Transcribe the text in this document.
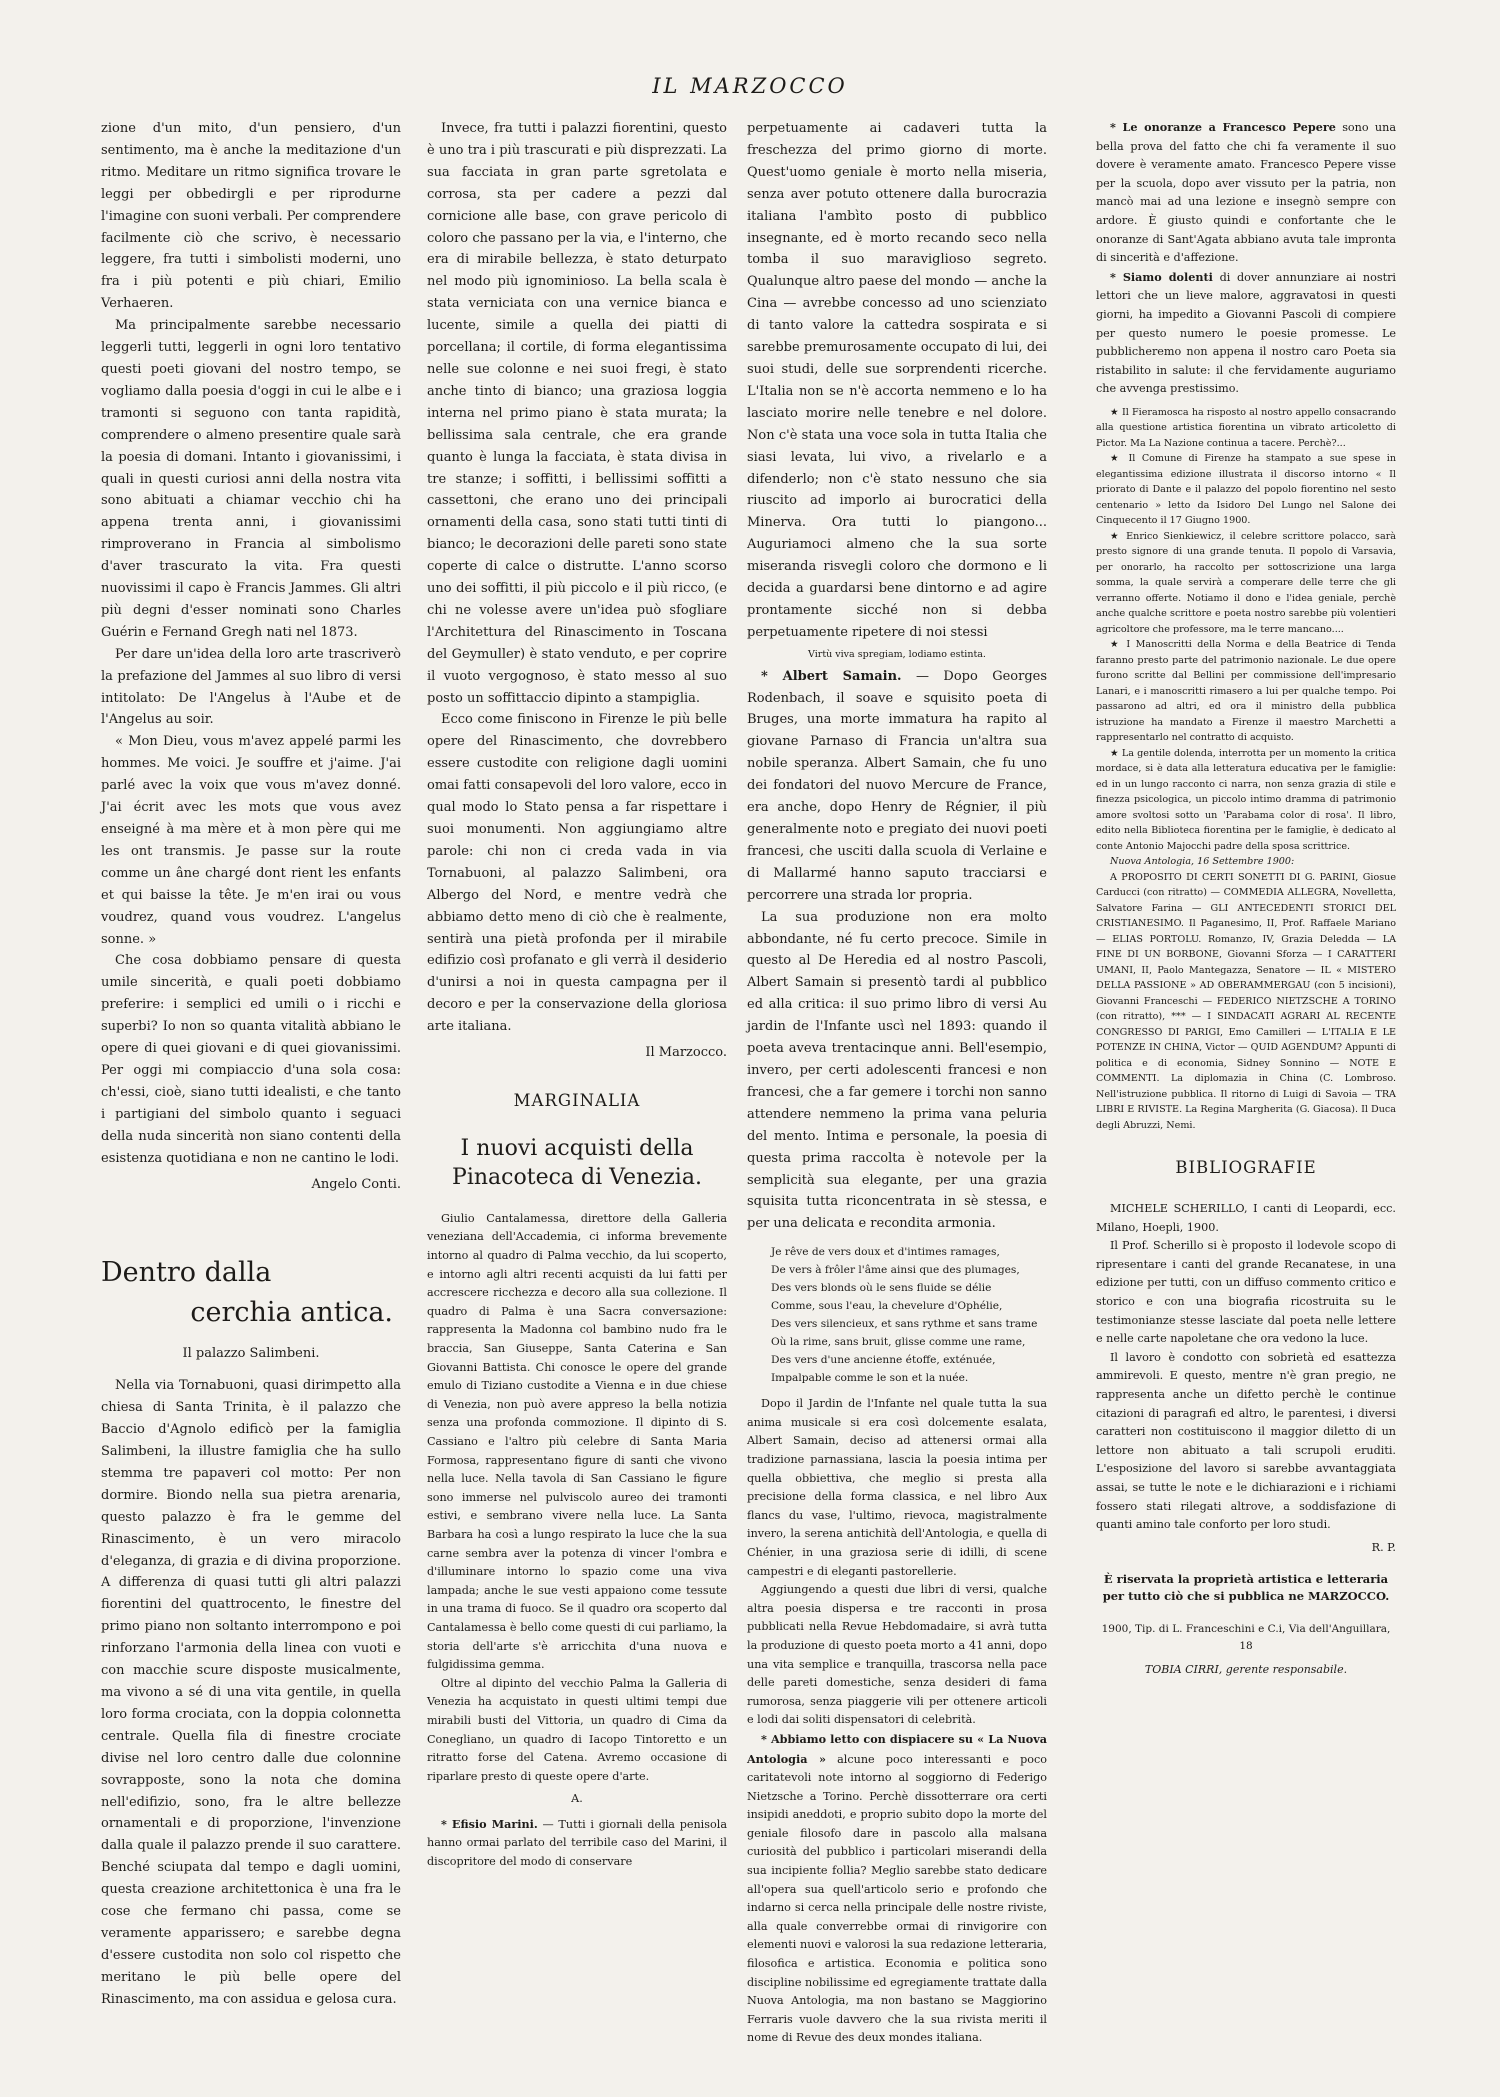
IL MARZOCCO

zione d'un mito, d'un pensiero, d'un sentimento, ma è anche la meditazione d'un ritmo. Meditare un ritmo significa trovare le leggi per obbedirgli e per riprodurne l'imagine con suoni verbali. Per comprendere facilmente ciò che scrivo, è necessario leggere, fra tutti i simbolisti moderni, uno fra i più potenti e più chiari, Emilio Verhaeren.

Ma principalmente sarebbe necessario leggerli tutti, leggerli in ogni loro tentativo questi poeti giovani del nostro tempo, se vogliamo dalla poesia d'oggi in cui le albe e i tramonti si seguono con tanta rapidità, comprendere o almeno presentire quale sarà la poesia di domani. Intanto i giovanissimi, i quali in questi curiosi anni della nostra vita sono abituati a chiamar vecchio chi ha appena trenta anni, i giovanissimi rimproverano in Francia al simbolismo d'aver trascurato la vita. Fra questi nuovissimi il capo è Francis Jammes. Gli altri più degni d'esser nominati sono Charles Guérin e Fernand Gregh nati nel 1873.

Per dare un'idea della loro arte trascriverò la prefazione del Jammes al suo libro di versi intitolato: De l'Angelus à l'Aube et de l'Angelus au soir.

« Mon Dieu, vous m'avez appelé parmi les hommes. Me voici. Je souffre et j'aime. J'ai parlé avec la voix que vous m'avez donné. J'ai écrit avec les mots que vous avez enseigné à ma mère et à mon père qui me les ont transmis. Je passe sur la route comme un âne chargé dont rient les enfants et qui baisse la tête. Je m'en irai ou vous voudrez, quand vous voudrez. L'angelus sonne. »

Che cosa dobbiamo pensare di questa umile sincerità, e quali poeti dobbiamo preferire: i semplici ed umili o i ricchi e superbi? Io non so quanta vitalità abbiano le opere di quei giovani e di quei giovanissimi. Per oggi mi compiaccio d'una sola cosa: ch'essi, cioè, siano tutti idealisti, e che tanto i partigiani del simbolo quanto i seguaci della nuda sincerità non siano contenti della esistenza quotidiana e non ne cantino le lodi.

Angelo Conti.
Dentro dalla
cerchia antica.
Il palazzo Salimbeni.

Nella via Tornabuoni, quasi dirimpetto alla chiesa di Santa Trinita, è il palazzo che Baccio d'Agnolo edificò per la famiglia Salimbeni, la illustre famiglia che ha sullo stemma tre papaveri col motto: Per non dormire. Biondo nella sua pietra arenaria, questo palazzo è fra le gemme del Rinascimento, è un vero miracolo d'eleganza, di grazia e di divina proporzione. A differenza di quasi tutti gli altri palazzi fiorentini del quattrocento, le finestre del primo piano non soltanto interrompono e poi rinforzano l'armonia della linea con vuoti e con macchie scure disposte musicalmente, ma vivono a sé di una vita gentile, in quella loro forma crociata, con la doppia colonnetta centrale. Quella fila di finestre crociate divise nel loro centro dalle due colonnine sovrapposte, sono la nota che domina nell'edifizio, sono, fra le altre bellezze ornamentali e di proporzione, l'invenzione dalla quale il palazzo prende il suo carattere. Benché sciupata dal tempo e dagli uomini, questa creazione architettonica è una fra le cose che fermano chi passa, come se veramente apparissero; e sarebbe degna d'essere custodita non solo col rispetto che meritano le più belle opere del Rinascimento, ma con assidua e gelosa cura.

Invece, fra tutti i palazzi fiorentini, questo è uno tra i più trascurati e più disprezzati. La sua facciata in gran parte sgretolata e corrosa, sta per cadere a pezzi dal cornicione alle base, con grave pericolo di coloro che passano per la via, e l'interno, che era di mirabile bellezza, è stato deturpato nel modo più ignominioso. La bella scala è stata verniciata con una vernice bianca e lucente, simile a quella dei piatti di porcellana; il cortile, di forma elegantissima nelle sue colonne e nei suoi fregi, è stato anche tinto di bianco; una graziosa loggia interna nel primo piano è stata murata; la bellissima sala centrale, che era grande quanto è lunga la facciata, è stata divisa in tre stanze; i soffitti, i bellissimi soffitti a cassettoni, che erano uno dei principali ornamenti della casa, sono stati tutti tinti di bianco; le decorazioni delle pareti sono state coperte di calce o distrutte. L'anno scorso uno dei soffitti, il più piccolo e il più ricco, (e chi ne volesse avere un'idea può sfogliare l'Architettura del Rinascimento in Toscana del Geymuller) è stato venduto, e per coprire il vuoto vergognoso, è stato messo al suo posto un soffittaccio dipinto a stampiglia.

Ecco come finiscono in Firenze le più belle opere del Rinascimento, che dovrebbero essere custodite con religione dagli uomini omai fatti consapevoli del loro valore, ecco in qual modo lo Stato pensa a far rispettare i suoi monumenti. Non aggiungiamo altre parole: chi non ci creda vada in via Tornabuoni, al palazzo Salimbeni, ora Albergo del Nord, e mentre vedrà che abbiamo detto meno di ciò che è realmente, sentirà una pietà profonda per il mirabile edifizio così profanato e gli verrà il desiderio d'unirsi a noi in questa campagna per il decoro e per la conservazione della gloriosa arte italiana.

Il Marzocco.
MARGINALIA
I nuovi acquisti della Pinacoteca di Venezia.

Giulio Cantalamessa, direttore della Galleria veneziana dell'Accademia, ci informa brevemente intorno al quadro di Palma vecchio, da lui scoperto, e intorno agli altri recenti acquisti da lui fatti per accrescere ricchezza e decoro alla sua collezione. Il quadro di Palma è una Sacra conversazione: rappresenta la Madonna col bambino nudo fra le braccia, San Giuseppe, Santa Caterina e San Giovanni Battista. Chi conosce le opere del grande emulo di Tiziano custodite a Vienna e in due chiese di Venezia, non può avere appreso la bella notizia senza una profonda commozione. Il dipinto di S. Cassiano e l'altro più celebre di Santa Maria Formosa, rappresentano figure di santi che vivono nella luce. Nella tavola di San Cassiano le figure sono immerse nel pulviscolo aureo dei tramonti estivi, e sembrano vivere nella luce. La Santa Barbara ha così a lungo respirato la luce che la sua carne sembra aver la potenza di vincer l'ombra e d'illuminare intorno lo spazio come una viva lampada; anche le sue vesti appaiono come tessute in una trama di fuoco. Se il quadro ora scoperto dal Cantalamessa è bello come questi di cui parliamo, la storia dell'arte s'è arricchita d'una nuova e fulgidissima gemma.

Oltre al dipinto del vecchio Palma la Galleria di Venezia ha acquistato in questi ultimi tempi due mirabili busti del Vittoria, un quadro di Cima da Conegliano, un quadro di Iacopo Tintoretto e un ritratto forse del Catena. Avremo occasione di riparlare presto di queste opere d'arte.

A.

* Efisio Marini. — Tutti i giornali della penisola hanno ormai parlato del terribile caso del Marini, il discopritore del modo di conservare

perpetuamente ai cadaveri tutta la freschezza del primo giorno di morte. Quest'uomo geniale è morto nella miseria, senza aver potuto ottenere dalla burocrazia italiana l'ambìto posto di pubblico insegnante, ed è morto recando seco nella tomba il suo maraviglioso segreto. Qualunque altro paese del mondo — anche la Cina — avrebbe concesso ad uno scienziato di tanto valore la cattedra sospirata e si sarebbe premurosamente occupato di lui, dei suoi studi, delle sue sorprendenti ricerche. L'Italia non se n'è accorta nemmeno e lo ha lasciato morire nelle tenebre e nel dolore. Non c'è stata una voce sola in tutta Italia che siasi levata, lui vivo, a rivelarlo e a difenderlo; non c'è stato nessuno che sia riuscito ad imporlo ai burocratici della Minerva. Ora tutti lo piangono... Auguriamoci almeno che la sua sorte miseranda risvegli coloro che dormono e li decida a guardarsi bene dintorno e ad agire prontamente sicché non si debba perpetuamente ripetere di noi stessi

Virtù viva spregiam, lodiamo estinta.

* Albert Samain. — Dopo Georges Rodenbach, il soave e squisito poeta di Bruges, una morte immatura ha rapito al giovane Parnaso di Francia un'altra sua nobile speranza. Albert Samain, che fu uno dei fondatori del nuovo Mercure de France, era anche, dopo Henry de Régnier, il più generalmente noto e pregiato dei nuovi poeti francesi, che usciti dalla scuola di Verlaine e di Mallarmé hanno saputo tracciarsi e percorrere una strada lor propria.

La sua produzione non era molto abbondante, né fu certo precoce. Simile in questo al De Heredia ed al nostro Pascoli, Albert Samain si presentò tardi al pubblico ed alla critica: il suo primo libro di versi Au jardin de l'Infante uscì nel 1893: quando il poeta aveva trentacinque anni. Bell'esempio, invero, per certi adolescenti francesi e non francesi, che a far gemere i torchi non sanno attendere nemmeno la prima vana peluria del mento. Intima e personale, la poesia di questa prima raccolta è notevole per la semplicità sua elegante, per una grazia squisita tutta riconcentrata in sè stessa, e per una delicata e recondita armonia.

Je rêve de vers doux et d'intimes ramages,
De vers à frôler l'âme ainsi que des plumages,
Des vers blonds où le sens fluide se délie
Comme, sous l'eau, la chevelure d'Ophélie,
Des vers silencieux, et sans rythme et sans trame
Où la rime, sans bruit, glisse comme une rame,
Des vers d'une ancienne étoffe, exténuée,
Impalpable comme le son et la nuée.

Dopo il Jardin de l'Infante nel quale tutta la sua anima musicale si era così dolcemente esalata, Albert Samain, deciso ad attenersi ormai alla tradizione parnassiana, lascia la poesia intima per quella obbiettiva, che meglio si presta alla precisione della forma classica, e nel libro Aux flancs du vase, l'ultimo, rievoca, magistralmente invero, la serena antichità dell'Antologia, e quella di Chénier, in una graziosa serie di idilli, di scene campestri e di eleganti pastorellerie.

Aggiungendo a questi due libri di versi, qualche altra poesia dispersa e tre racconti in prosa pubblicati nella Revue Hebdomadaire, si avrà tutta la produzione di questo poeta morto a 41 anni, dopo una vita semplice e tranquilla, trascorsa nella pace delle pareti domestiche, senza desideri di fama rumorosa, senza piaggerie vili per ottenere articoli e lodi dai soliti dispensatori di celebrità.

* Abbiamo letto con dispiacere su « La Nuova Antologia » alcune poco interessanti e poco caritatevoli note intorno al soggiorno di Federigo Nietzsche a Torino. Perchè dissotterrare ora certi insipidi aneddoti, e proprio subito dopo la morte del geniale filosofo dare in pascolo alla malsana curiosità del pubblico i particolari miserandi della sua incipiente follia? Meglio sarebbe stato dedicare all'opera sua quell'articolo serio e profondo che indarno si cerca nella principale delle nostre riviste, alla quale converrebbe ormai di rinvigorire con elementi nuovi e valorosi la sua redazione letteraria, filosofica e artistica. Economia e politica sono discipline nobilissime ed egregiamente trattate dalla Nuova Antologia, ma non bastano se Maggiorino Ferraris vuole davvero che la sua rivista meriti il nome di Revue des deux mondes italiana.

* Le onoranze a Francesco Pepere sono una bella prova del fatto che chi fa veramente il suo dovere è veramente amato. Francesco Pepere visse per la scuola, dopo aver vissuto per la patria, non mancò mai ad una lezione e insegnò sempre con ardore. È giusto quindi e confortante che le onoranze di Sant'Agata abbiano avuta tale impronta di sincerità e d'affezione.

* Siamo dolenti di dover annunziare ai nostri lettori che un lieve malore, aggravatosi in questi giorni, ha impedito a Giovanni Pascoli di compiere per questo numero le poesie promesse. Le pubblicheremo non appena il nostro caro Poeta sia ristabilito in salute: il che fervidamente auguriamo che avvenga prestissimo.

★ Il Fieramosca ha risposto al nostro appello consacrando alla questione artistica fiorentina un vibrato articoletto di Pictor. Ma La Nazione continua a tacere. Perchè?...

★ Il Comune di Firenze ha stampato a sue spese in elegantissima edizione illustrata il discorso intorno « Il priorato di Dante e il palazzo del popolo fiorentino nel sesto centenario » letto da Isidoro Del Lungo nel Salone dei Cinquecento il 17 Giugno 1900.

★ Enrico Sienkiewicz, il celebre scrittore polacco, sarà presto signore di una grande tenuta. Il popolo di Varsavia, per onorarlo, ha raccolto per sottoscrizione una larga somma, la quale servirà a comperare delle terre che gli verranno offerte. Notiamo il dono e l'idea geniale, perchè anche qualche scrittore e poeta nostro sarebbe più volentieri agricoltore che professore, ma le terre mancano....

★ I Manoscritti della Norma e della Beatrice di Tenda faranno presto parte del patrimonio nazionale. Le due opere furono scritte dal Bellini per commissione dell'impresario Lanari, e i manoscritti rimasero a lui per qualche tempo. Poi passarono ad altri, ed ora il ministro della pubblica istruzione ha mandato a Firenze il maestro Marchetti a rappresentarlo nel contratto di acquisto.

★ La gentile dolenda, interrotta per un momento la critica mordace, si è data alla letteratura educativa per le famiglie: ed in un lungo racconto ci narra, non senza grazia di stile e finezza psicologica, un piccolo intimo dramma di patrimonio amore svoltosi sotto un 'Parabama color di rosa'. Il libro, edito nella Biblioteca fiorentina per le famiglie, è dedicato al conte Antonio Majocchi padre della sposa scrittrice.

Nuova Antologia, 16 Settembre 1900:

A PROPOSITO DI CERTI SONETTI DI G. PARINI, Giosue Carducci (con ritratto) — COMMEDIA ALLEGRA, Novelletta, Salvatore Farina — GLI ANTECEDENTI STORICI DEL CRISTIANESIMO. Il Paganesimo, II, Prof. Raffaele Mariano — ELIAS PORTOLU. Romanzo, IV, Grazia Deledda — LA FINE DI UN BORBONE, Giovanni Sforza — I CARATTERI UMANI, II, Paolo Mantegazza, Senatore — IL « MISTERO DELLA PASSIONE » AD OBERAMMERGAU (con 5 incisioni), Giovanni Franceschi — FEDERICO NIETZSCHE A TORINO (con ritratto), *** — I SINDACATI AGRARI AL RECENTE CONGRESSO DI PARIGI, Emo Camilleri — L'ITALIA E LE POTENZE IN CHINA, Victor — QUID AGENDUM? Appunti di politica e di economia, Sidney Sonnino — NOTE E COMMENTI. La diplomazia in China (C. Lombroso. Nell'istruzione pubblica. Il ritorno di Luigi di Savoia — TRA LIBRI E RIVISTE. La Regina Margherita (G. Giacosa). Il Duca degli Abruzzi, Nemi.

BIBLIOGRAFIE

MICHELE SCHERILLO, I canti di Leopardi, ecc. Milano, Hoepli, 1900.

Il Prof. Scherillo si è proposto il lodevole scopo di ripresentare i canti del grande Recanatese, in una edizione per tutti, con un diffuso commento critico e storico e con una biografia ricostruita su le testimonianze stesse lasciate dal poeta nelle lettere e nelle carte napoletane che ora vedono la luce.

Il lavoro è condotto con sobrietà ed esattezza ammirevoli. E questo, mentre n'è gran pregio, ne rappresenta anche un difetto perchè le continue citazioni di paragrafi ed altro, le parentesi, i diversi caratteri non costituiscono il maggior diletto di un lettore non abituato a tali scrupoli eruditi. L'esposizione del lavoro si sarebbe avvantaggiata assai, se tutte le note e le dichiarazioni e i richiami fossero stati rilegati altrove, a soddisfazione di quanti amino tale conforto per loro studi.

R. P.
È riservata la proprietà artistica e letteraria per tutto ciò che si pubblica ne MARZOCCO.
1900, Tip. di L. Franceschini e C.i, Via dell'Anguillara, 18
TOBIA CIRRI, gerente responsabile.
